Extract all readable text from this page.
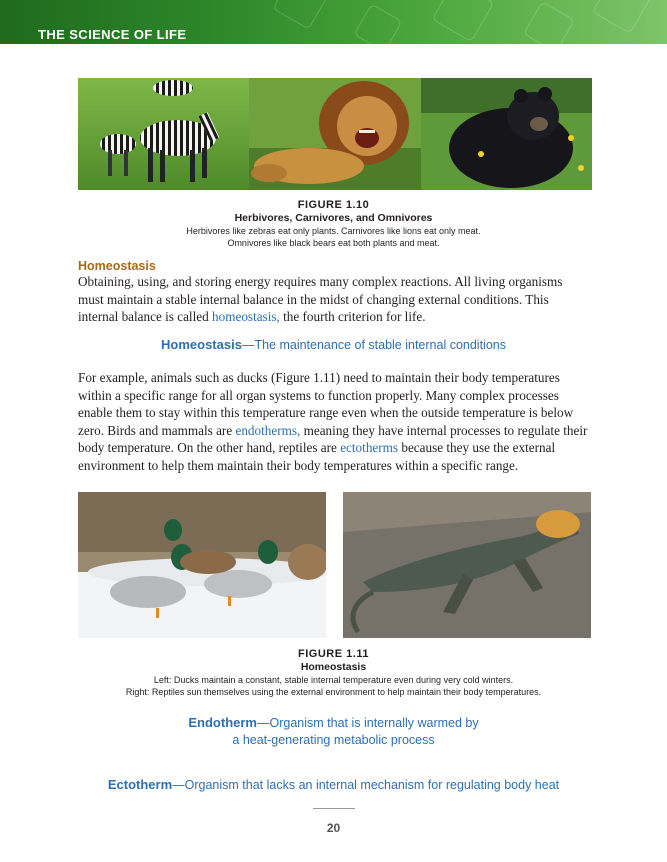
THE SCIENCE OF LIFE
FIGURE 1.10
Herbivores, Carnivores, and Omnivores
Herbivores like zebras eat only plants. Carnivores like lions eat only meat.
Omnivores like black bears eat both plants and meat.
Homeostasis

Obtaining, using, and storing energy requires many complex reactions. All living organisms must maintain a stable internal balance in the midst of changing external conditions. This internal balance is called homeostasis, the fourth criterion for life.

Homeostasis—The maintenance of stable internal conditions

For example, animals such as ducks (Figure 1.11) need to maintain their body temperatures within a specific range for all organ systems to function properly. Many complex processes enable them to stay within this temperature range even when the outside temperature is below zero. Birds and mammals are endotherms, meaning they have internal processes to regulate their body temperature. On the other hand, reptiles are ectotherms because they use the external environment to help them maintain their body temperatures within a specific range.

FIGURE 1.11
Homeostasis
Left: Ducks maintain a constant, stable internal temperature even during very cold winters.
Right: Reptiles sun themselves using the external environment to help maintain their body temperatures.
Endotherm—Organism that is internally warmed by
a heat-generating metabolic process
Ectotherm—Organism that lacks an internal mechanism for regulating body heat
20
